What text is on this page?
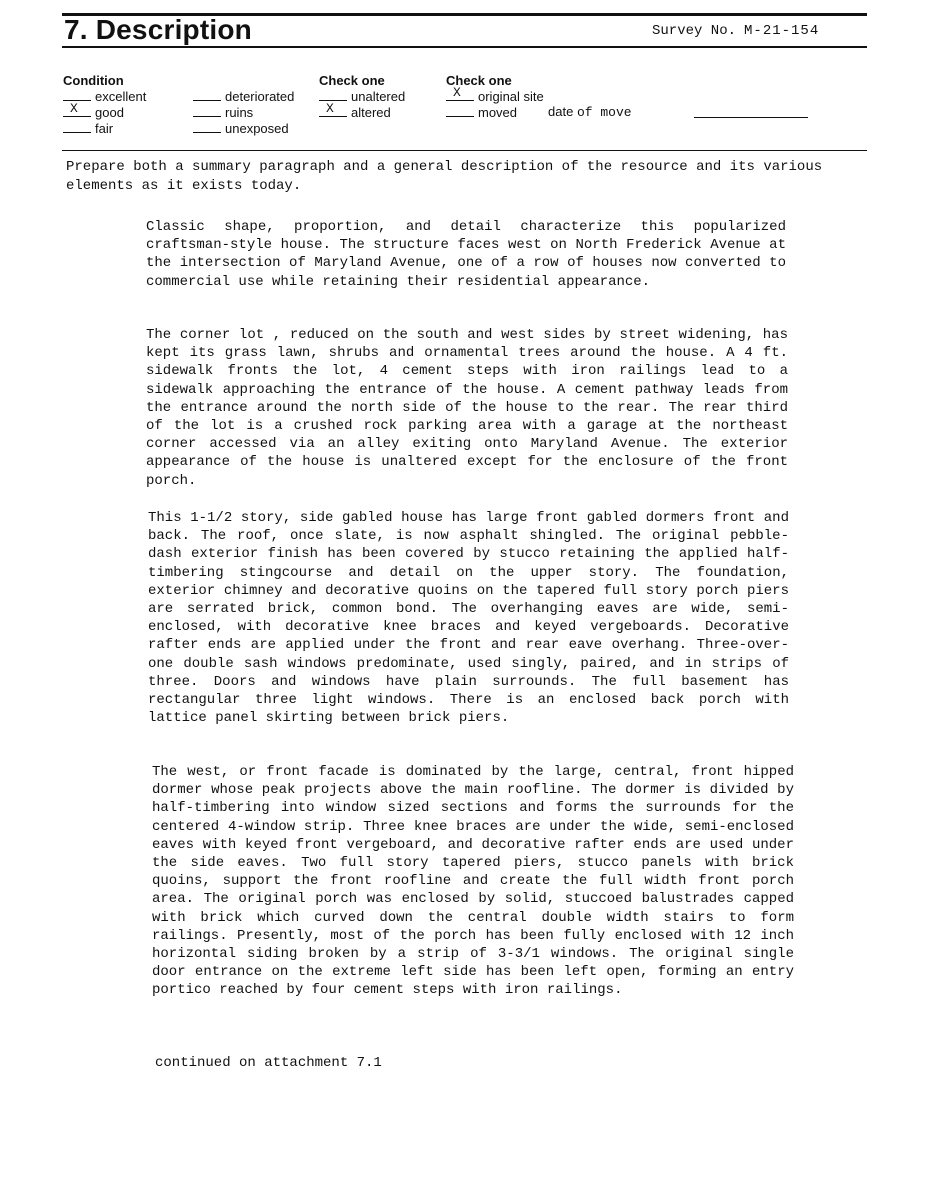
7. Description	Survey No. M-21-154
Condition
excellent
X good
fair
deteriorated
ruins
unexposed
Check one
unaltered
X altered
Check one
X original site
moved	date of move
Prepare both a summary paragraph and a general description of the resource and its various elements as it exists today.
Classic shape, proportion, and detail characterize this popularized craftsman-style house. The structure faces west on North Frederick Avenue at the intersection of Maryland Avenue, one of a row of houses now converted to commercial use while retaining their residential appearance.
The corner lot , reduced on the south and west sides by street widening, has kept its grass lawn, shrubs and ornamental trees around the house. A 4 ft. sidewalk fronts the lot, 4 cement steps with iron railings lead to a sidewalk approaching the entrance of the house. A cement pathway leads from the entrance around the north side of the house to the rear. The rear third of the lot is a crushed rock parking area with a garage at the northeast corner accessed via an alley exiting onto Maryland Avenue. The exterior appearance of the house is unaltered except for the enclosure of the front porch.
This 1-1/2 story, side gabled house has large front gabled dormers front and back. The roof, once slate, is now asphalt shingled. The original pebble-dash exterior finish has been covered by stucco retaining the applied half-timbering stingcourse and detail on the upper story. The foundation, exterior chimney and decorative quoins on the tapered full story porch piers are serrated brick, common bond. The overhanging eaves are wide, semi-enclosed, with decorative knee braces and keyed vergeboards. Decorative rafter ends are applied under the front and rear eave overhang. Three-over-one double sash windows predominate, used singly, paired, and in strips of three. Doors and windows have plain surrounds. The full basement has rectangular three light windows. There is an enclosed back porch with lattice panel skirting between brick piers.
The west, or front facade is dominated by the large, central, front hipped dormer whose peak projects above the main roofline. The dormer is divided by half-timbering into window sized sections and forms the surrounds for the centered 4-window strip. Three knee braces are under the wide, semi-enclosed eaves with keyed front vergeboard, and decorative rafter ends are used under the side eaves. Two full story tapered piers, stucco panels with brick quoins, support the front roofline and create the full width front porch area. The original porch was enclosed by solid, stuccoed balustrades capped with brick which curved down the central double width stairs to form railings. Presently, most of the porch has been fully enclosed with 12 inch horizontal siding broken by a strip of 3-3/1 windows. The original single door entrance on the extreme left side has been left open, forming an entry portico reached by four cement steps with iron railings.
continued on attachment 7.1
